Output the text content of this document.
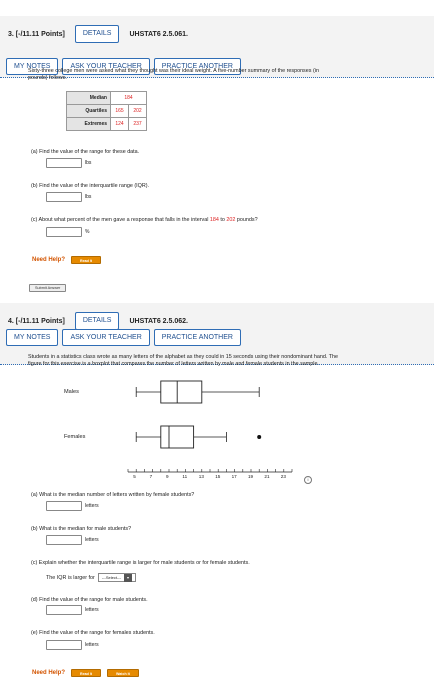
3. [-/11.11 Points]	DETAILS	UHSTAT6 2.5.061.
MY NOTES	ASK YOUR TEACHER	PRACTICE ANOTHER
Sixty-three college men were asked what they thought was their ideal weight. A five-number summary of the responses (in
pounds) follows.
Median	184	
Quartiles	165	202
Extremes	124	237
(a) Find the value of the range for these data.
lbs
(b) Find the value of the interquartile range (IQR).
lbs
(c) About what percent of the men gave a response that falls in the interval 184 to 202 pounds?
%
Need Help?	Read It
Submit Answer
4. [-/11.11 Points]	DETAILS	UHSTAT6 2.5.062.
MY NOTES	ASK YOUR TEACHER	PRACTICE ANOTHER
Students in a statistics class wrote as many letters of the alphabet as they could in 15 seconds using their nondominant hand. The
figure for this exercise is a boxplot that compares the number of letters written by male and female students in the sample.
Males
Females
5	7	9	11	13 15 17 19 21 23
i
(a) What is the median number of letters written by female students?
letters
(b) What is the median for male students?
letters
(c) Explain whether the interquartile range is larger for male students or for female students.
The IQR is larger for	---Select--- ▾
(d) Find the value of the range for male students.
letters
(e) Find the value of the range for females students.
letters
Need Help?	Read It	Watch It
